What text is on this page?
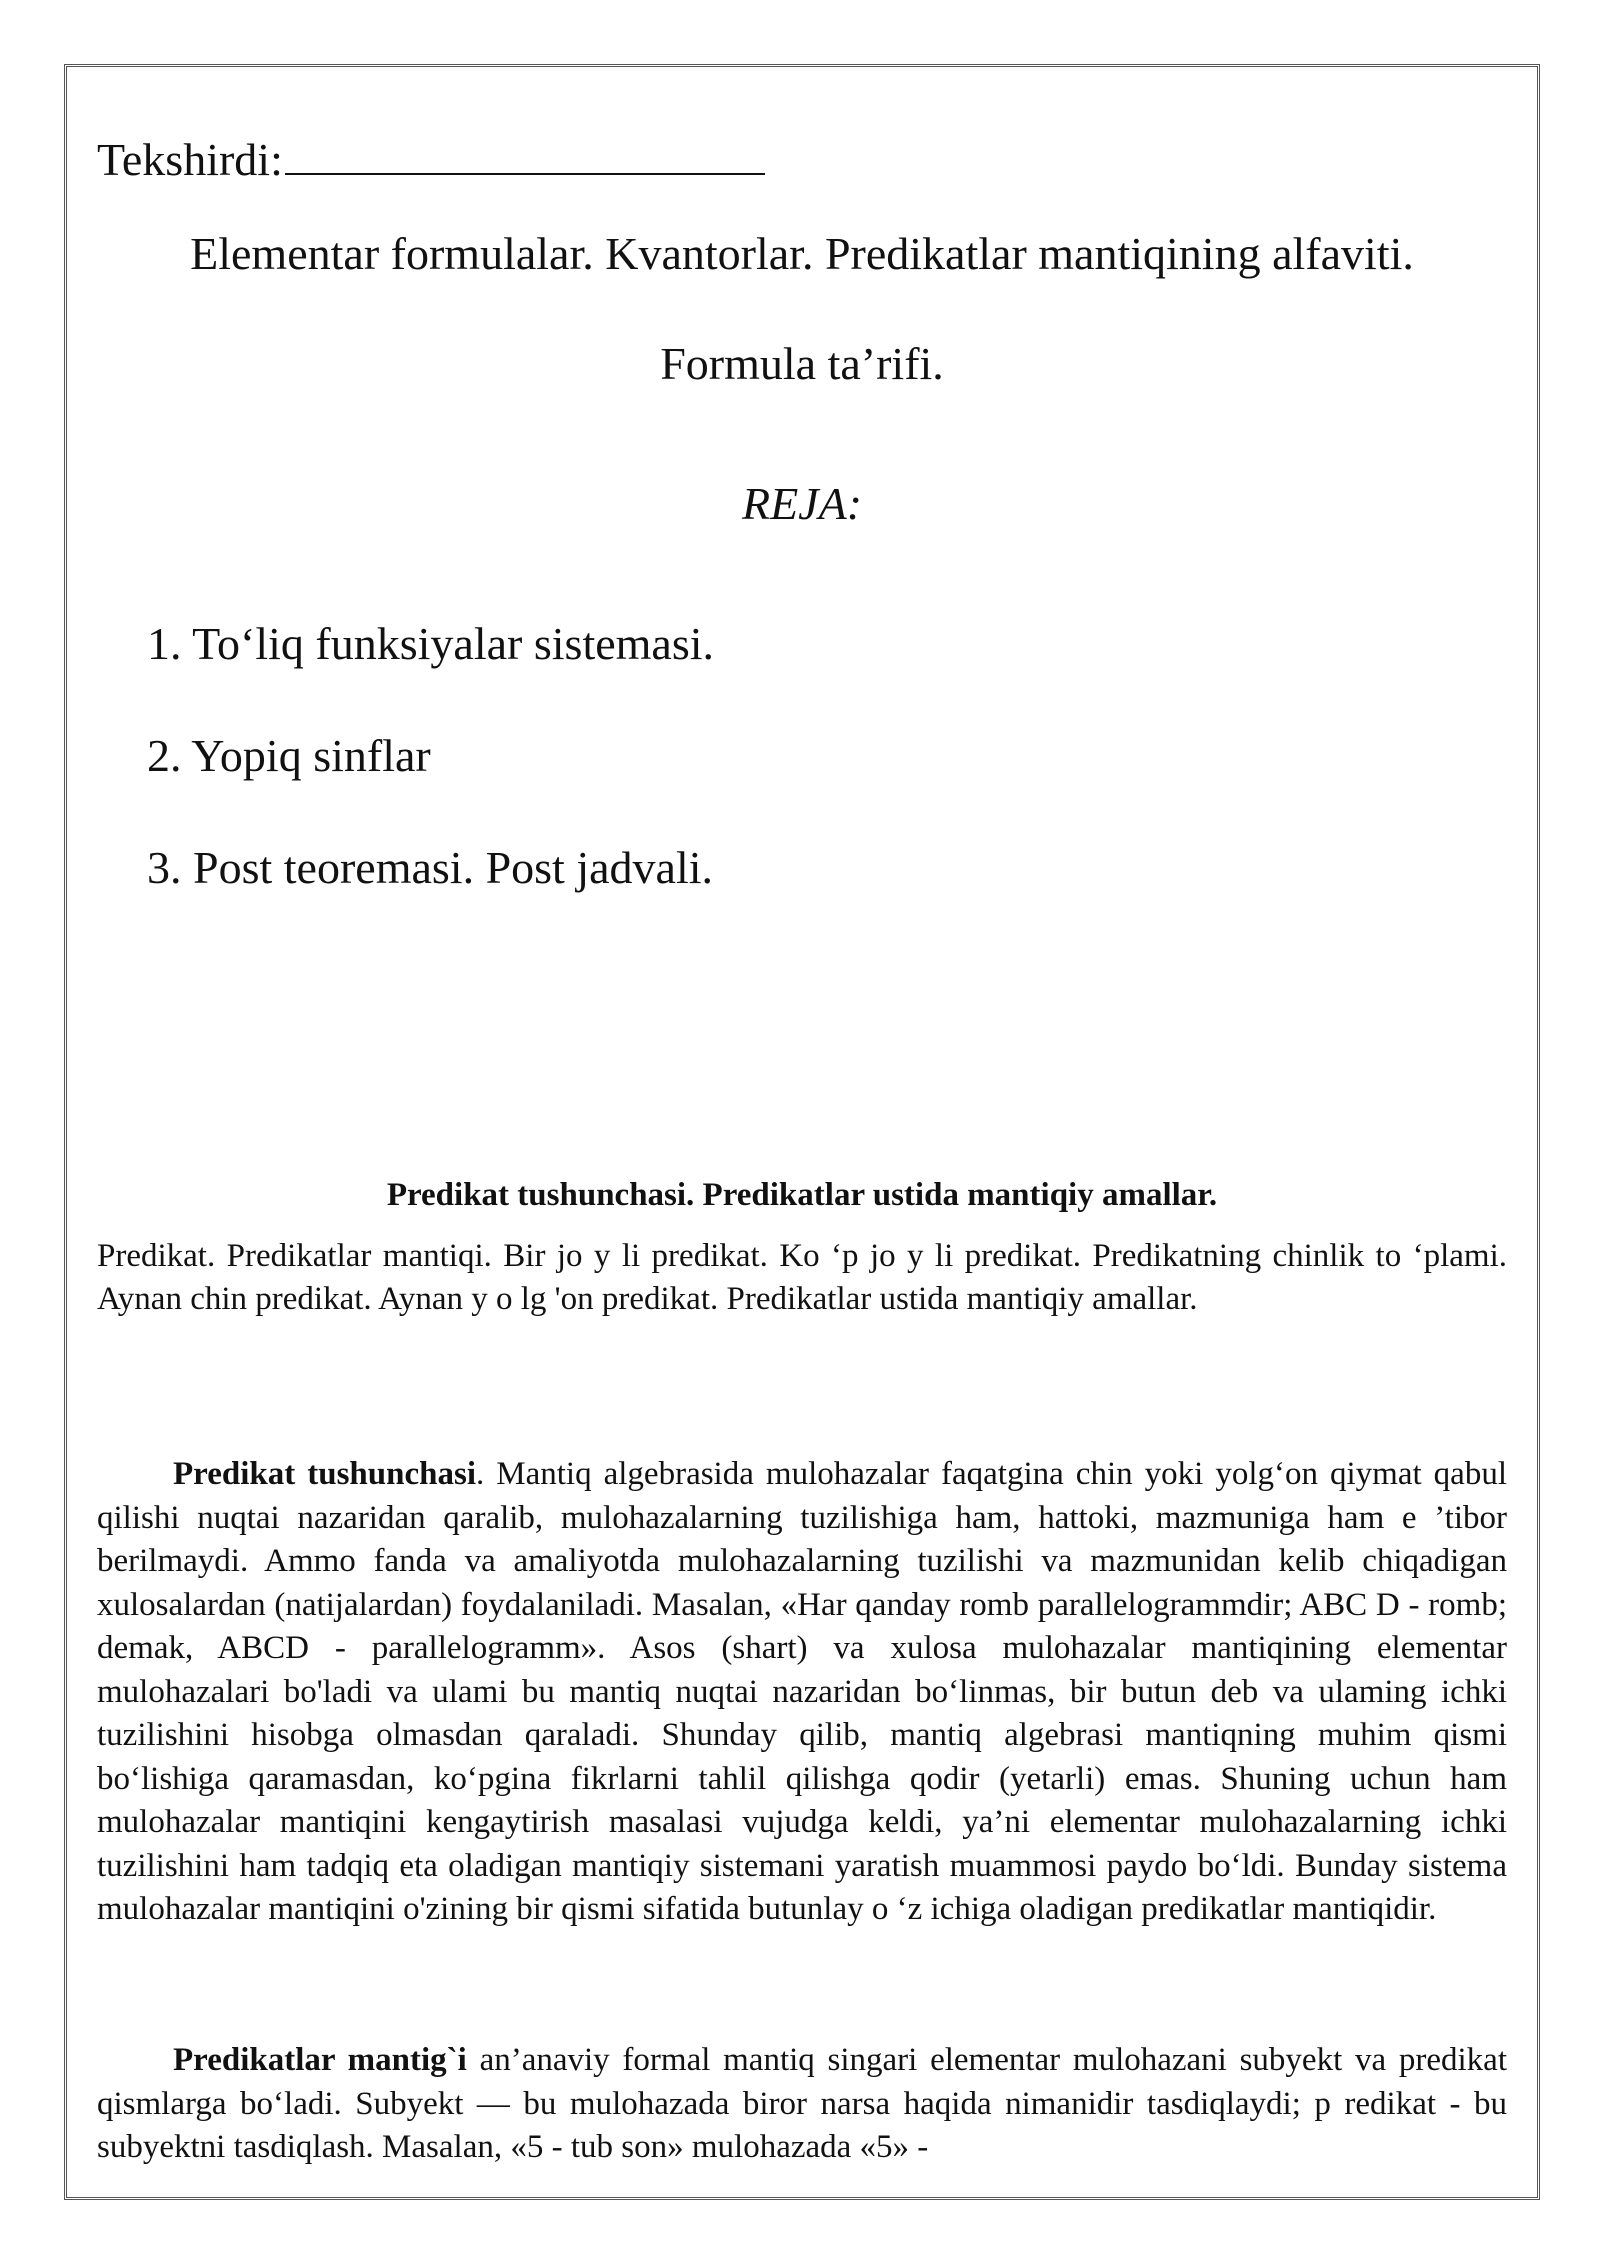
Tekshirdi:
Elementar formulalar. Kvantorlar. Predikatlar mantiqining alfaviti.
Formula ta’rifi.
REJA:
1. To‘liq funksiyalar sistemasi.
2. Yopiq sinflar
3. Post teoremasi. Post jadvali.
Predikat tushunchasi. Predikatlar ustida mantiqiy amallar.
Predikat. Predikatlar mantiqi. Bir jo y li predikat. Ko ‘p jo y li predikat. Predikatning chinlik to ‘plami. Aynan chin predikat. Aynan y o lg 'on predikat. Predikatlar ustida mantiqiy amallar.

Predikat tushunchasi. Mantiq algebrasida mulohazalar faqatgina chin yoki yolg‘on qiymat qabul qilishi nuqtai nazaridan qaralib, mulohazalarning tuzilishiga ham, hattoki, mazmuniga ham e ’tibor berilmaydi. Ammo fanda va amaliyotda mulohazalarning tuzilishi va mazmunidan kelib chiqadigan xulosalardan (natijalardan) foydalaniladi. Masalan, «Har qanday romb parallelogrammdir; ABC D - romb; demak, ABCD - parallelogramm». Asos (shart) va xulosa mulohazalar mantiqining elementar mulohazalari bo'ladi va ulami bu mantiq nuqtai nazaridan bo‘linmas, bir butun deb va ulaming ichki tuzilishini hisobga olmasdan qaraladi. Shunday qilib, mantiq algebrasi mantiqning muhim qismi bo‘lishiga qaramasdan, ko‘pgina fikrlarni tahlil qilishga qodir (yetarli) emas. Shuning uchun ham mulohazalar mantiqini kengaytirish masalasi vujudga keldi, ya’ni elementar mulohazalarning ichki tuzilishini ham tadqiq eta oladigan mantiqiy sistemani yaratish muammosi paydo bo‘ldi. Bunday sistema mulohazalar mantiqini o'zining bir qismi sifatida butunlay o ‘z ichiga oladigan predikatlar mantiqidir.

Predikatlar mantig`i an’anaviy formal mantiq singari elementar mulohazani subyekt va predikat qismlarga bo‘ladi. Subyekt — bu mulohazada biror narsa haqida nimanidir tasdiqlaydi; p redikat - bu subyektni tasdiqlash. Masalan, «5 - tub son» mulohazada «5» -
